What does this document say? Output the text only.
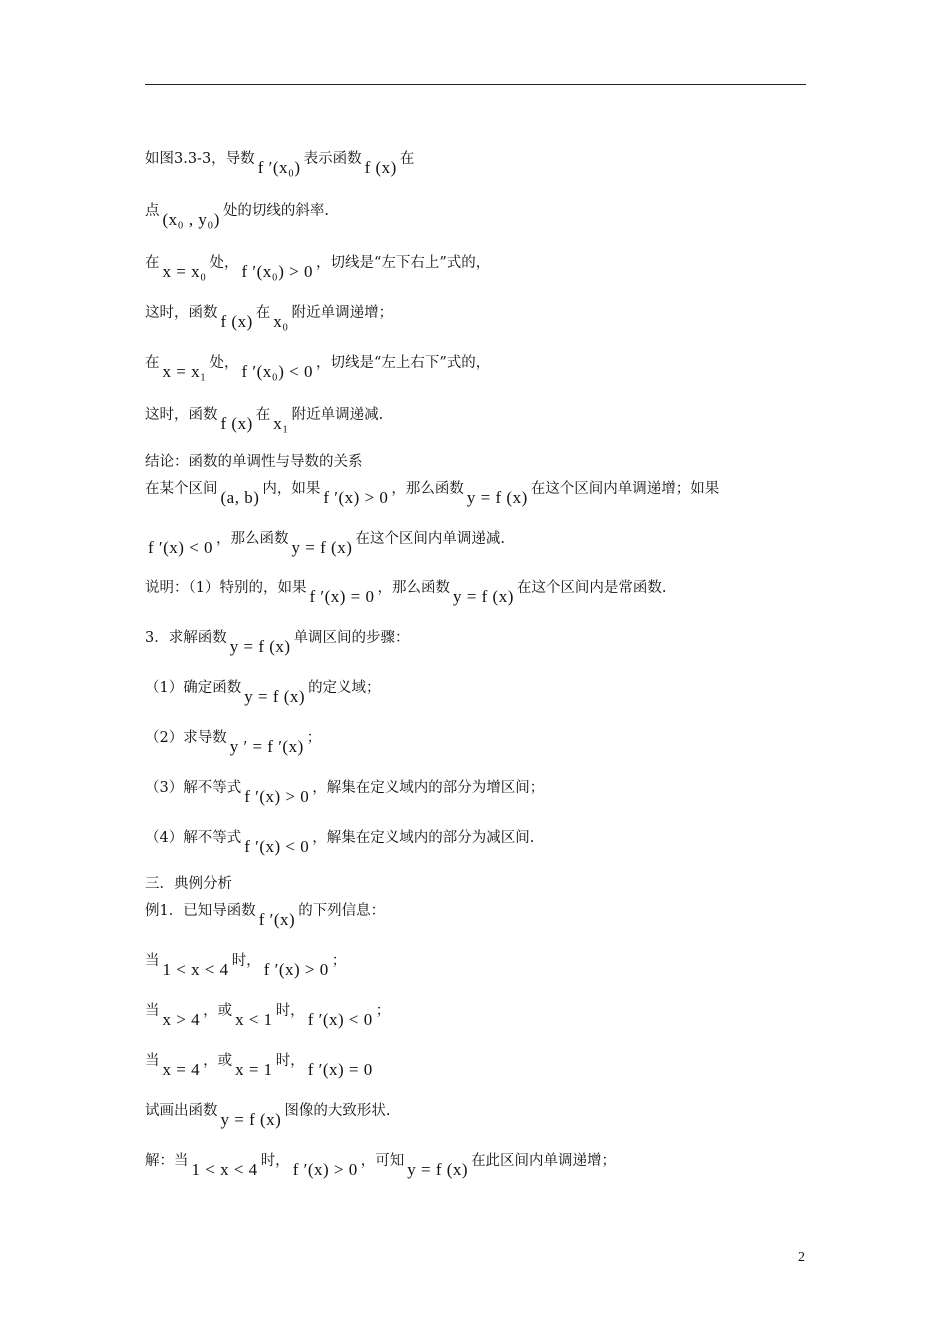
如图3.3-3，导数 f ′(x₀) 表示函数 f (x) 在
点 (x₀ , y₀) 处的切线的斜率.
在 x = x₀ 处， f ′(x₀) > 0 ，切线是“左下右上”式的，
这时，函数 f (x) 在 x₀ 附近单调递增；
在 x = x₁ 处， f ′(x₀) < 0 ，切线是“左上右下”式的，
这时，函数 f (x) 在 x₁ 附近单调递减.
结论：函数的单调性与导数的关系
在某个区间 (a, b) 内，如果 f ′(x) > 0 ，那么函数 y = f (x) 在这个区间内单调递增；如果
f ′(x) < 0 ，那么函数 y = f (x) 在这个区间内单调递减.
说明：（1）特别的，如果 f ′(x) = 0 ，那么函数 y = f (x) 在这个区间内是常函数.
3．求解函数 y = f (x) 单调区间的步骤：
（1）确定函数 y = f (x) 的定义域；
（2）求导数 y ′ = f ′(x) ；
（3）解不等式 f ′(x) > 0 ，解集在定义域内的部分为增区间；
（4）解不等式 f ′(x) < 0 ，解集在定义域内的部分为减区间.
三．典例分析
例1．已知导函数 f ′(x) 的下列信息：
当 1 < x < 4 时， f ′(x) > 0 ；
当 x > 4 ，或 x < 1 时， f ′(x) < 0 ；
当 x = 4 ，或 x = 1 时， f ′(x) = 0
试画出函数 y = f (x) 图像的大致形状.
解：当 1 < x < 4 时， f ′(x) > 0 ，可知 y = f (x) 在此区间内单调递增；
2
